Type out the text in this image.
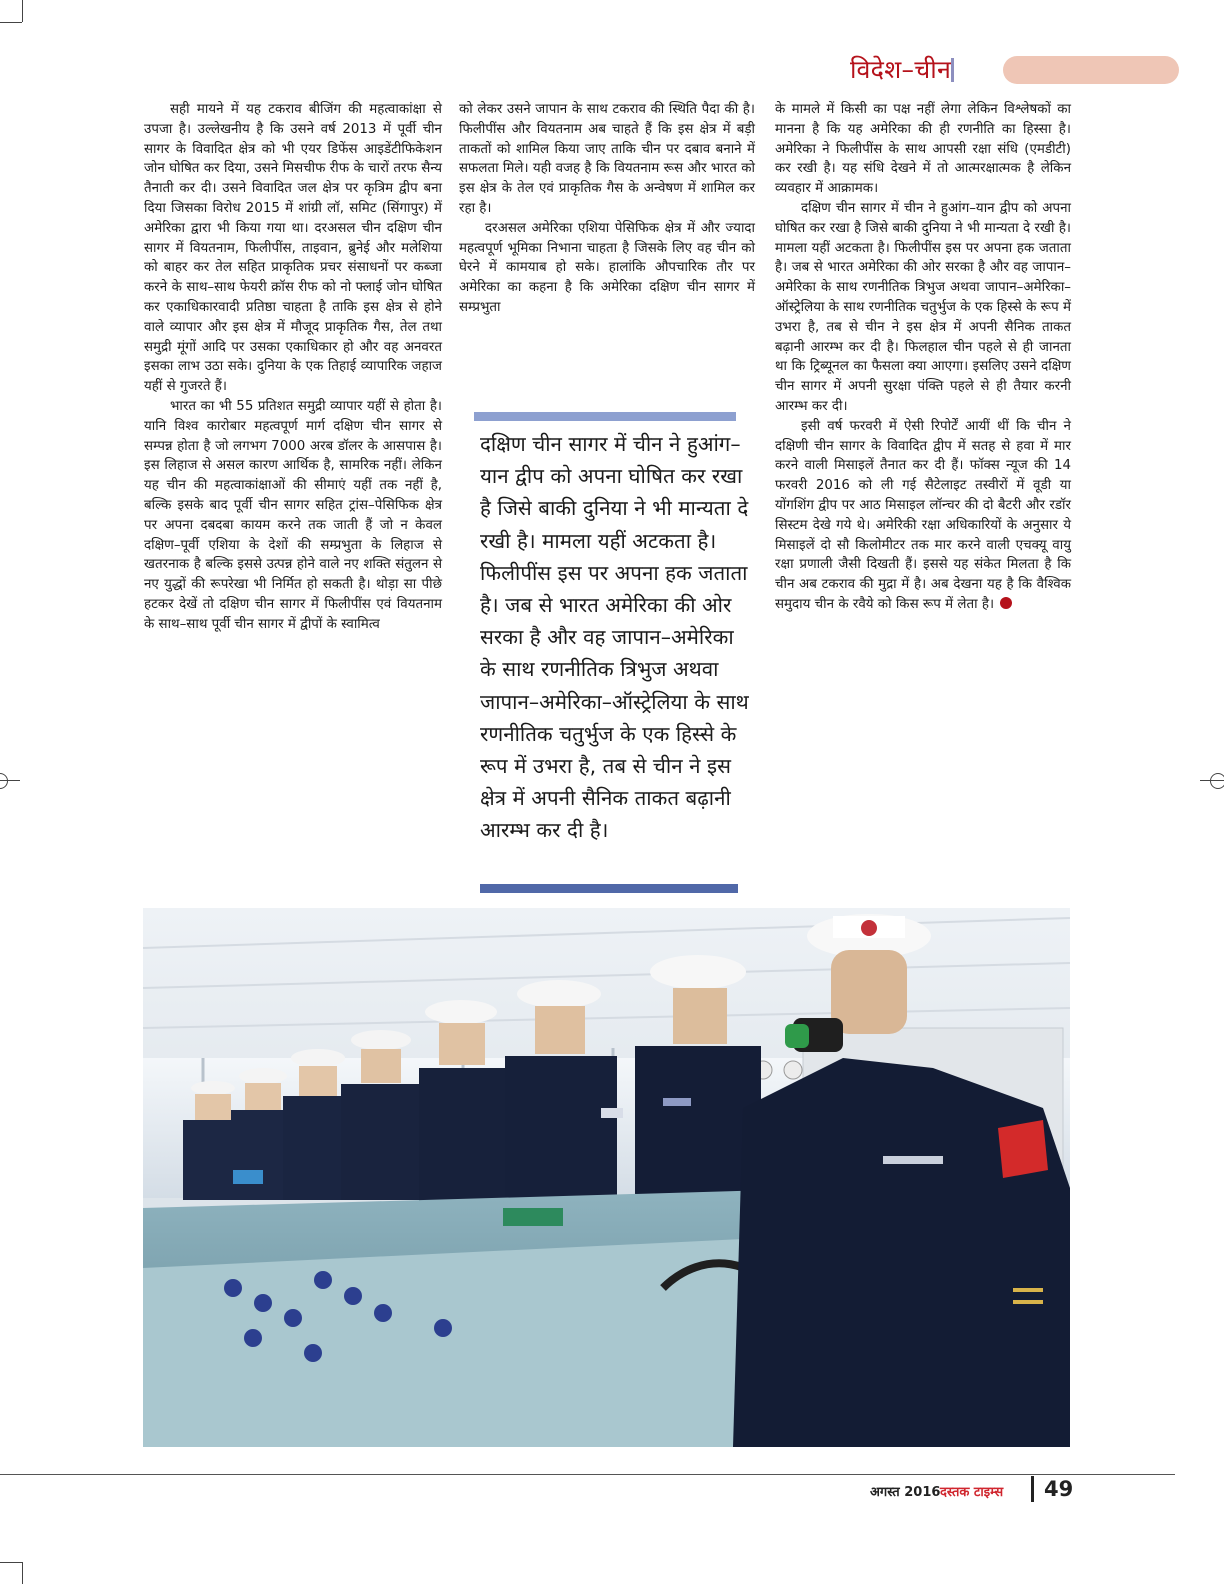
विदेश–चीन

सही मायने में यह टकराव बीजिंग की महत्वाकांक्षा से उपजा है। उल्लेखनीय है कि उसने वर्ष 2013 में पूर्वी चीन सागर के विवादित क्षेत्र को भी एयर डिफेंस आइडेंटीफिकेशन जोन घोषित कर दिया, उसने मिसचीफ रीफ के चारों तरफ सैन्य तैनाती कर दी। उसने विवादित जल क्षेत्र पर कृत्रिम द्वीप बना दिया जिसका विरोध 2015 में शांग्री लॉ, समिट (सिंगापुर) में अमेरिका द्वारा भी किया गया था। दरअसल चीन दक्षिण चीन सागर में वियतनाम, फिलीपींस, ताइवान, ब्रुनेई और मलेशिया को बाहर कर तेल सहित प्राकृतिक प्रचर संसाधनों पर कब्जा करने के साथ–साथ फेयरी क्रॉस रीफ को नो फ्लाई जोन घोषित कर एकाधिकारवादी प्रतिष्ठा चाहता है ताकि इस क्षेत्र से होने वाले व्यापार और इस क्षेत्र में मौजूद प्राकृतिक गैस, तेल तथा समुद्री मूंगों आदि पर उसका एकाधिकार हो और वह अनवरत इसका लाभ उठा सके। दुनिया के एक तिहाई व्यापारिक जहाज यहीं से गुजरते हैं।

भारत का भी 55 प्रतिशत समुद्री व्यापार यहीं से होता है। यानि विश्व कारोबार महत्वपूर्ण मार्ग दक्षिण चीन सागर से सम्पन्न होता है जो लगभग 7000 अरब डॉलर के आसपास है। इस लिहाज से असल कारण आर्थिक है, सामरिक नहीं। लेकिन यह चीन की महत्वाकांक्षाओं की सीमाएं यहीं तक नहीं है, बल्कि इसके बाद पूर्वी चीन सागर सहित ट्रांस–पेसिफिक क्षेत्र पर अपना दबदबा कायम करने तक जाती हैं जो न केवल दक्षिण–पूर्वी एशिया के देशों की सम्प्रभुता के लिहाज से खतरनाक है बल्कि इससे उत्पन्न होने वाले नए शक्ति संतुलन से नए युद्धों की रूपरेखा भी निर्मित हो सकती है। थोड़ा सा पीछे हटकर देखें तो दक्षिण चीन सागर में फिलीपींस एवं वियतनाम के साथ–साथ पूर्वी चीन सागर में द्वीपों के स्वामित्व

को लेकर उसने जापान के साथ टकराव की स्थिति पैदा की है। फिलीपींस और वियतनाम अब चाहते हैं कि इस क्षेत्र में बड़ी ताकतों को शामिल किया जाए ताकि चीन पर दबाव बनाने में सफलता मिले। यही वजह है कि वियतनाम रूस और भारत को इस क्षेत्र के तेल एवं प्राकृतिक गैस के अन्वेषण में शामिल कर रहा है।

दरअसल अमेरिका एशिया पेसिफिक क्षेत्र में और ज्यादा महत्वपूर्ण भूमिका निभाना चाहता है जिसके लिए वह चीन को घेरने में कामयाब हो सके। हालांकि औपचारिक तौर पर अमेरिका का कहना है कि अमेरिका दक्षिण चीन सागर में सम्प्रभुता

के मामले में किसी का पक्ष नहीं लेगा लेकिन विश्लेषकों का मानना है कि यह अमेरिका की ही रणनीति का हिस्सा है। अमेरिका ने फिलीपींस के साथ आपसी रक्षा संधि (एमडीटी) कर रखी है। यह संधि देखने में तो आत्मरक्षात्मक है लेकिन व्यवहार में आक्रामक।

दक्षिण चीन सागर में चीन ने हुआंग–यान द्वीप को अपना घोषित कर रखा है जिसे बाकी दुनिया ने भी मान्यता दे रखी है। मामला यहीं अटकता है। फिलीपींस इस पर अपना हक जताता है। जब से भारत अमेरिका की ओर सरका है और वह जापान–अमेरिका के साथ रणनीतिक त्रिभुज अथवा जापान–अमेरिका–ऑस्ट्रेलिया के साथ रणनीतिक चतुर्भुज के एक हिस्से के रूप में उभरा है, तब से चीन ने इस क्षेत्र में अपनी सैनिक ताकत बढ़ानी आरम्भ कर दी है। फिलहाल चीन पहले से ही जानता था कि ट्रिब्यूनल का फैसला क्या आएगा। इसलिए उसने दक्षिण चीन सागर में अपनी सुरक्षा पंक्ति पहले से ही तैयार करनी आरम्भ कर दी।

इसी वर्ष फरवरी में ऐसी रिपोर्टें आयीं थीं कि चीन ने दक्षिणी चीन सागर के विवादित द्वीप में सतह से हवा में मार करने वाली मिसाइलें तैनात कर दी हैं। फॉक्स न्यूज की 14 फरवरी 2016 को ली गई सैटेलाइट तस्वीरों में वूडी या योंगशिंग द्वीप पर आठ मिसाइल लॉन्चर की दो बैटरी और रडॉर सिस्टम देखे गये थे। अमेरिकी रक्षा अधिकारियों के अनुसार ये मिसाइलें दो सौ किलोमीटर तक मार करने वाली एचक्यू वायु रक्षा प्रणाली जैसी दिखती हैं। इससे यह संकेत मिलता है कि चीन अब टकराव की मुद्रा में है। अब देखना यह है कि वैश्विक समुदाय चीन के रवैये को किस रूप में लेता है।

दक्षिण चीन सागर में चीन ने हुआंग–यान द्वीप को अपना घोषित कर रखा है जिसे बाकी दुनिया ने भी मान्यता दे रखी है। मामला यहीं अटकता है। फिलीपींस इस पर अपना हक जताता है। जब से भारत अमेरिका की ओर सरका है और वह जापान–अमेरिका के साथ रणनीतिक त्रिभुज अथवा जापान–अमेरिका–ऑस्ट्रेलिया के साथ रणनीतिक चतुर्भुज के एक हिस्से के रूप में उभरा है, तब से चीन ने इस क्षेत्र में अपनी सैनिक ताकत बढ़ानी आरम्भ कर दी है।
अगस्त 2016 दस्तक टाइम्स 49
